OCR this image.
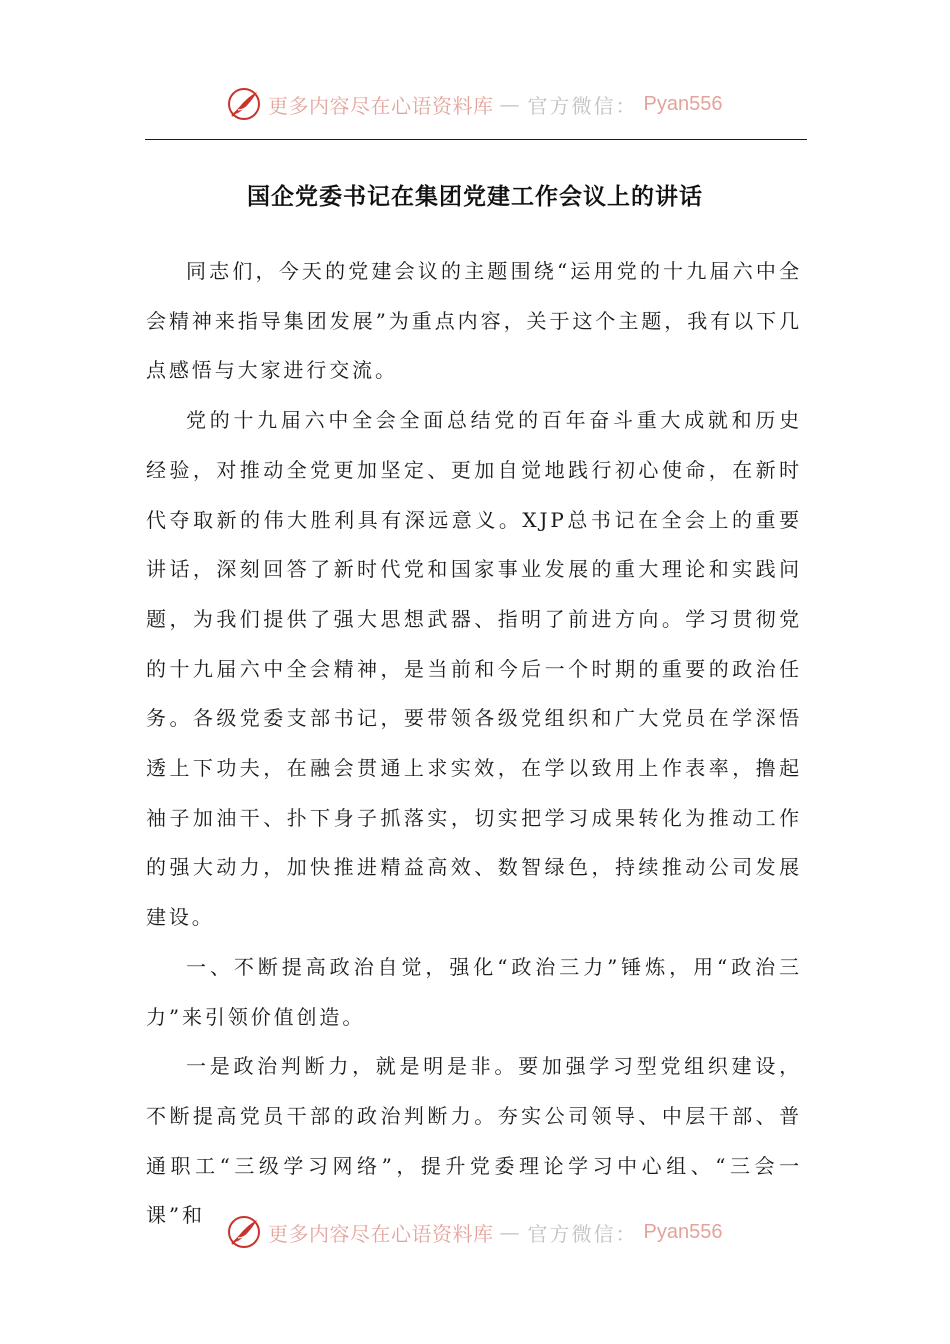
更多内容尽在心语资料库 — 官方微信： Pyan556
国企党委书记在集团党建工作会议上的讲话

同志们，今天的党建会议的主题围绕“运用党的十九届六中全会精神来指导集团发展”为重点内容，关于这个主题，我有以下几点感悟与大家进行交流。

党的十九届六中全会全面总结党的百年奋斗重大成就和历史经验，对推动全党更加坚定、更加自觉地践行初心使命，在新时代夺取新的伟大胜利具有深远意义。XJP总书记在全会上的重要讲话，深刻回答了新时代党和国家事业发展的重大理论和实践问题，为我们提供了强大思想武器、指明了前进方向。学习贯彻党的十九届六中全会精神，是当前和今后一个时期的重要的政治任务。各级党委支部书记，要带领各级党组织和广大党员在学深悟透上下功夫，在融会贯通上求实效，在学以致用上作表率，撸起袖子加油干、扑下身子抓落实，切实把学习成果转化为推动工作的强大动力，加快推进精益高效、数智绿色，持续推动公司发展建设。

一、不断提高政治自觉，强化“政治三力”锤炼，用“政治三力”来引领价值创造。

一是政治判断力，就是明是非。要加强学习型党组织建设，不断提高党员干部的政治判断力。夯实公司领导、中层干部、普通职工“三级学习网络”，提升党委理论学习中心组、“三会一课”和

更多内容尽在心语资料库 — 官方微信： Pyan556
